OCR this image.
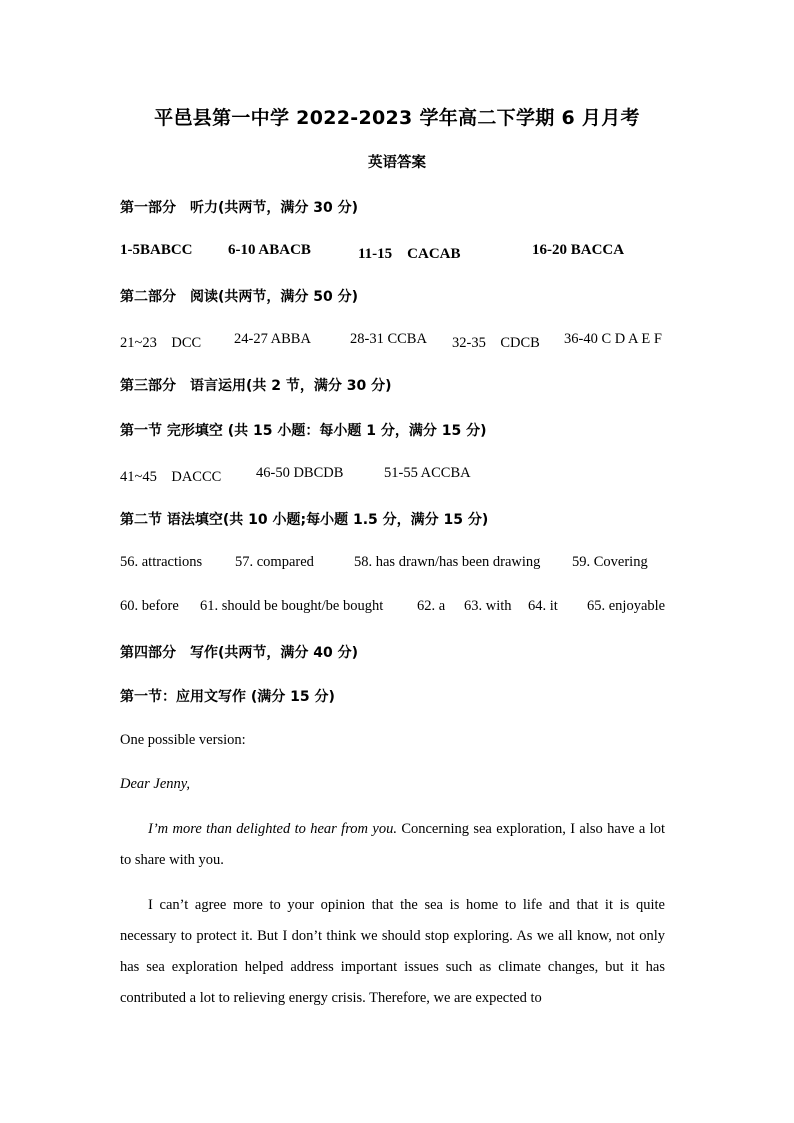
平邑县第一中学 2022-2023 学年高二下学期 6 月月考
英语答案
第一部分　听力(共两节，满分 30 分)
1-5BABCC 6-10 ABACB	11-15　CACAB	16-20 BACCA
第二部分　阅读(共两节，满分 50 分)
21~23　DCC 24-27 ABBA	28-31 CCBA 32-35　CDCB 36-40 C D A E F
第三部分　语言运用(共 2 节，满分 30 分)
第一节 完形填空 (共 15 小题：每小题 1 分，满分 15 分)
41~45　DACCC 46-50 DBCDB	51-55 ACCBA
第二节 语法填空(共 10 小题;每小题 1.5 分，满分 15 分)
56. attractions 57. compared	58. has drawn/has been drawing 59. Covering
60. before 61. should be bought/be bought 62. a 63. with 64. it 65. enjoyable
第四部分　写作(共两节，满分 40 分)
第一节：应用文写作 (满分 15 分)
One possible version:
Dear Jenny,
I’m more than delighted to hear from you. Concerning sea exploration, I also have a lot to share with you.
I can’t agree more to your opinion that the sea is home to life and that it is quite necessary to protect it. But I don’t think we should stop exploring. As we all know, not only has sea exploration helped address important issues such as climate changes, but it has contributed a lot to relieving energy crisis. Therefore, we are expected to
